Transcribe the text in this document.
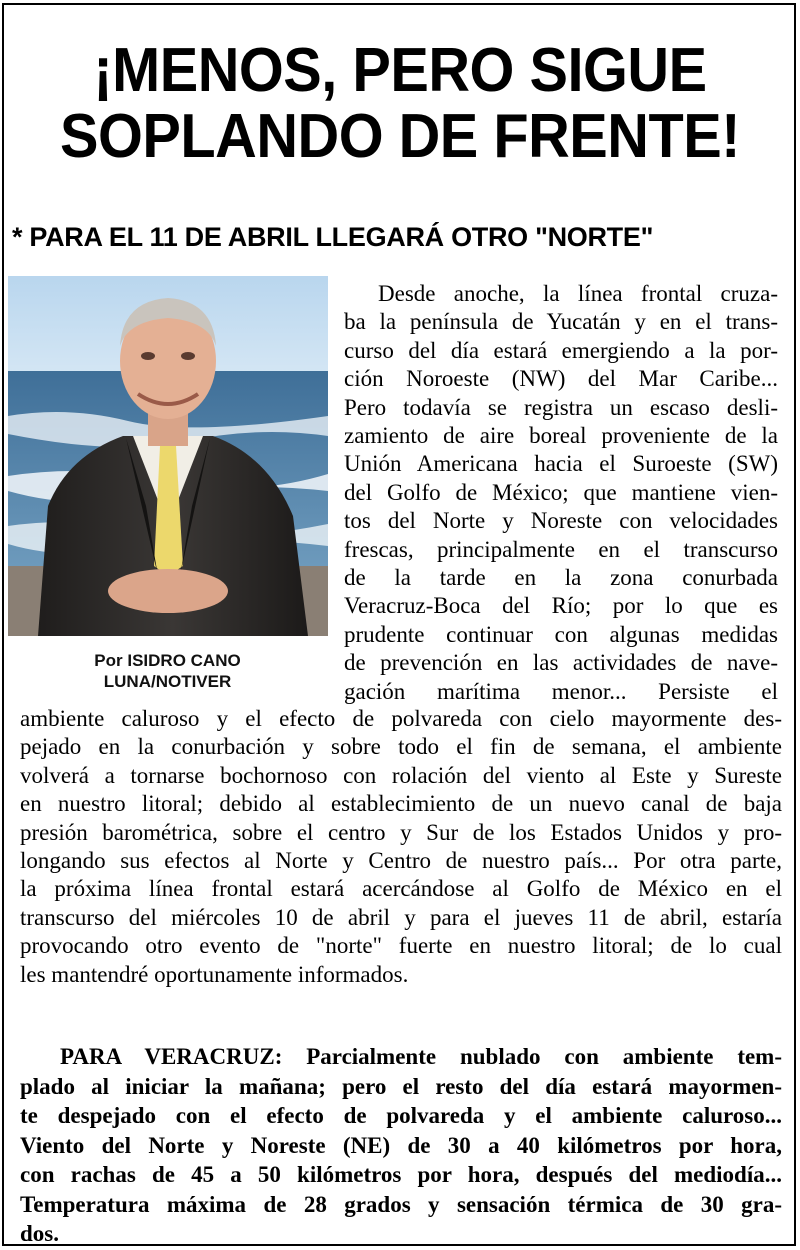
¡MENOS, PERO SIGUE
SOPLANDO DE FRENTE!
* PARA EL 11 DE ABRIL LLEGARÁ OTRO "NORTE"
Por ISIDRO CANO
LUNA/NOTIVER
Desde anoche, la línea frontal cruza-
ba la península de Yucatán y en el trans-
curso del día estará emergiendo a la por-
ción Noroeste (NW) del Mar Caribe...
Pero todavía se registra un escaso desli-
zamiento de aire boreal proveniente de la
Unión Americana hacia el Suroeste (SW)
del Golfo de México; que mantiene vien-
tos del Norte y Noreste con velocidades
frescas, principalmente en el transcurso
de la tarde en la zona conurbada
Veracruz-Boca del Río; por lo que es
prudente continuar con algunas medidas
de prevención en las actividades de nave-
gación marítima menor... Persiste el
ambiente caluroso y el efecto de polvareda con cielo mayormente des-
pejado en la conurbación y sobre todo el fin de semana, el ambiente
volverá a tornarse bochornoso con rolación del viento al Este y Sureste
en nuestro litoral; debido al establecimiento de un nuevo canal de baja
presión barométrica, sobre el centro y Sur de los Estados Unidos y pro-
longando sus efectos al Norte y Centro de nuestro país... Por otra parte,
la próxima línea frontal estará acercándose al Golfo de México en el
transcurso del miércoles 10 de abril y para el jueves 11 de abril, estaría
provocando otro evento de "norte" fuerte en nuestro litoral; de lo cual
les mantendré oportunamente informados.
PARA VERACRUZ: Parcialmente nublado con ambiente tem-
plado al iniciar la mañana; pero el resto del día estará mayormen-
te despejado con el efecto de polvareda y el ambiente caluroso...
Viento del Norte y Noreste (NE) de 30 a 40 kilómetros por hora,
con rachas de 45 a 50 kilómetros por hora, después del mediodía...
Temperatura máxima de 28 grados y sensación térmica de 30 gra-
dos.
